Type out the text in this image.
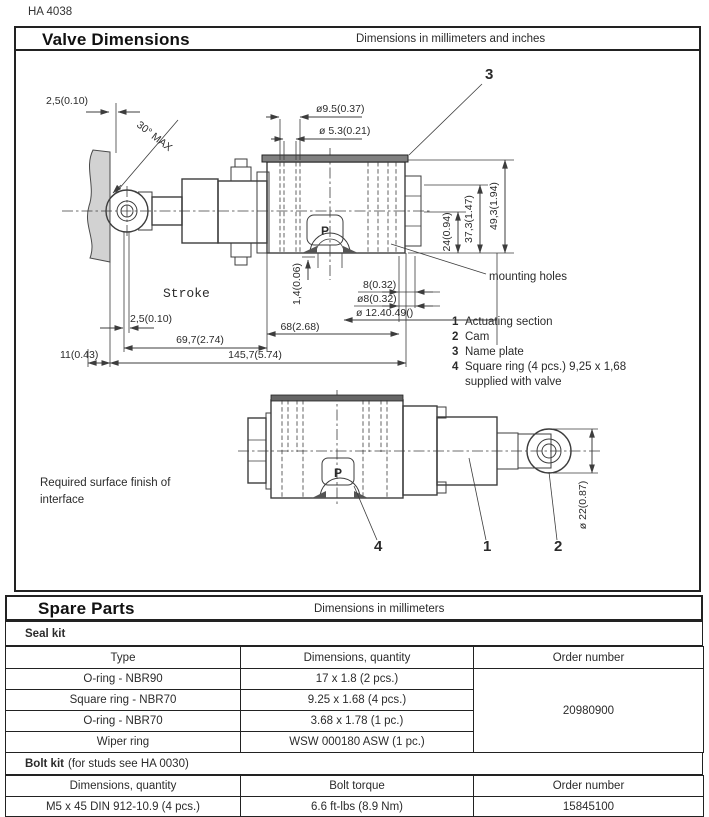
HA 4038
Valve Dimensions	Dimensions in millimeters and inches
P
2,5(0.10)
30° MAX
ø9.5(0.37)
ø 5.3(0.21)
3
mounting holes
24(0.94) 37,3(1.47) 49,3(1.94)
1,4(0.06)	8(0.32)
ø8(0.32)
ø 12.40.49()
Stroke
2,5(0.10)
69,7(2.74)
68(2.68)
11(0.43)	145,7(5.74)
P
ø 22(0.87)
4	1	2
1 Actuating section
2 Cam
3 Name plate
4 Square ring (4 pcs.) 9,25 x 1,68
supplied with valve
Required surface finish of
interface
Spare Parts	Dimensions in millimeters
Seal kit
Type	Dimensions, quantity	Order number
O-ring - NBR90	17 x 1.8 (2 pcs.)	20980900
Square ring - NBR70	9.25 x 1.68 (4 pcs.)	
O-ring - NBR70	3.68 x 1.78 (1 pc.)	
Wiper ring	WSW 000180 ASW (1 pc.)	
Bolt kit (for studs see HA 0030)
Dimensions, quantity	Bolt torque	Order number
M5 x 45 DIN 912-10.9 (4 pcs.)	6.6 ft-lbs (8.9 Nm)	15845100
